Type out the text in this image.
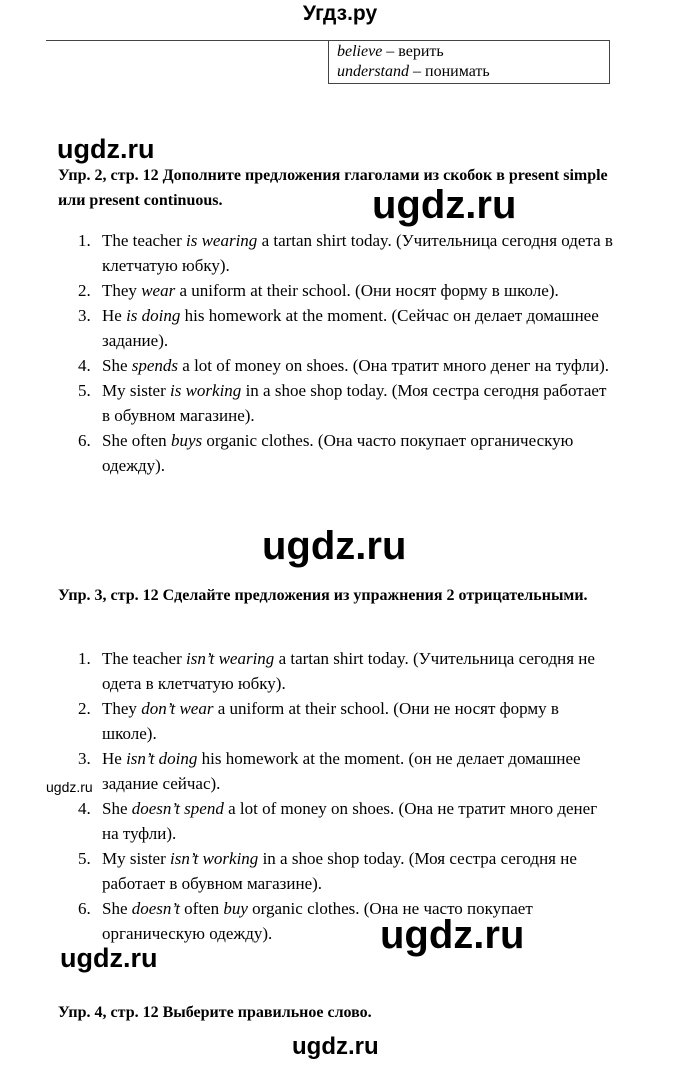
Угдз.ру
believe – верить
understand – понимать
ugdz.ru
ugdz.ru
ugdz.ru
ugdz.ru
ugdz.ru
ugdz.ru
ugdz.ru
Упр. 2, стр. 12 Дополните предложения глаголами из скобок в present simple или present continuous.
1. The teacher is wearing a tartan shirt today. (Учительница сегодня одета в клетчатую юбку).
2. They wear a uniform at their school. (Они носят форму в школе).
3. He is doing his homework at the moment. (Сейчас он делает домашнее задание).
4. She spends a lot of money on shoes. (Она тратит много денег на туфли).
5. My sister is working in a shoe shop today. (Моя сестра сегодня работает в обувном магазине).
6. She often buys organic clothes. (Она часто покупает органическую одежду).
Упр. 3, стр. 12 Сделайте предложения из упражнения 2 отрицательными.
1. The teacher isn’t wearing a tartan shirt today. (Учительница сегодня не одета в клетчатую юбку).
2. They don’t wear a uniform at their school. (Они не носят форму в школе).
3. He isn’t doing his homework at the moment. (он не делает домашнее задание сейчас).
4. She doesn’t spend a lot of money on shoes. (Она не тратит много денег на туфли).
5. My sister isn’t working in a shoe shop today. (Моя сестра сегодня не работает в обувном магазине).
6. She doesn’t often buy organic clothes. (Она не часто покупает органическую одежду).
Упр. 4, стр. 12 Выберите правильное слово.
